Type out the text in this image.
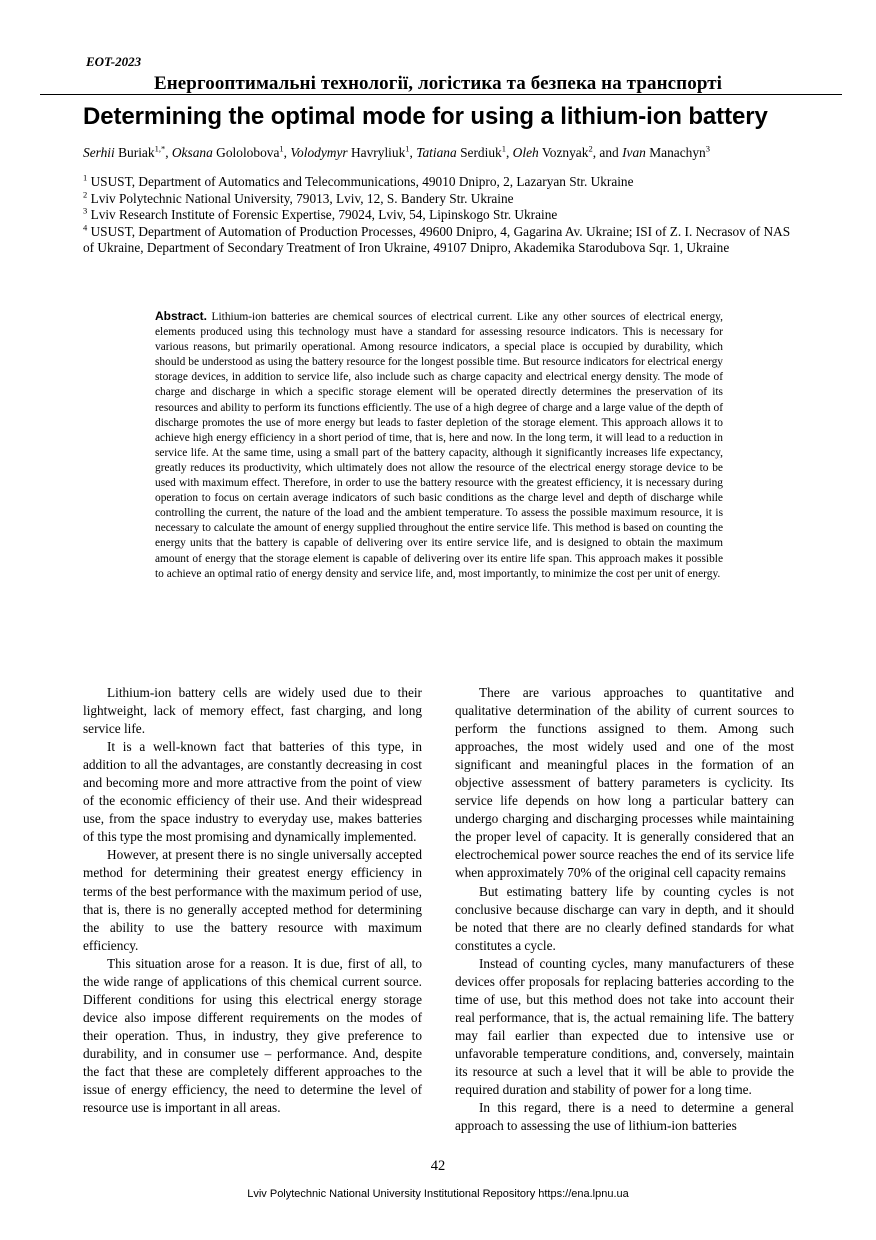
EOT-2023
Енергооптимальні технології, логістика та безпека на транспорті
Determining the optimal mode for using a lithium-ion battery
Serhii Buriak$^{1,*}$, Oksana Gololobova$^1$, Volodymyr Havryliuk$^1$, Tatiana Serdiuk$^1$, Oleh Voznyak$^2$, and Ivan Manachyn$^3$
$^1$ USUST, Department of Automatics and Telecommunications, 49010 Dnipro, 2, Lazaryan Str. Ukraine
$^2$ Lviv Polytechnic National University, 79013, Lviv, 12, S. Bandery Str. Ukraine
$^3$ Lviv Research Institute of Forensic Expertise, 79024, Lviv, 54, Lipinskogo Str. Ukraine
$^4$ USUST, Department of Automation of Production Processes, 49600 Dnipro, 4, Gagarina Av. Ukraine; ISI of Z. I. Necrasov of NAS of Ukraine, Department of Secondary Treatment of Iron Ukraine, 49107 Dnipro, Akademika Starodubova Sqr. 1, Ukraine
Abstract. Lithium-ion batteries are chemical sources of electrical current. Like any other sources of electrical energy, elements produced using this technology must have a standard for assessing resource indicators. This is necessary for various reasons, but primarily operational. Among resource indicators, a special place is occupied by durability, which should be understood as using the battery resource for the longest possible time. But resource indicators for electrical energy storage devices, in addition to service life, also include such as charge capacity and electrical energy density. The mode of charge and discharge in which a specific storage element will be operated directly determines the preservation of its resources and ability to perform its functions efficiently. The use of a high degree of charge and a large value of the depth of discharge promotes the use of more energy but leads to faster depletion of the storage element. This approach allows it to achieve high energy efficiency in a short period of time, that is, here and now. In the long term, it will lead to a reduction in service life. At the same time, using a small part of the battery capacity, although it significantly increases life expectancy, greatly reduces its productivity, which ultimately does not allow the resource of the electrical energy storage device to be used with maximum effect. Therefore, in order to use the battery resource with the greatest efficiency, it is necessary during operation to focus on certain average indicators of such basic conditions as the charge level and depth of discharge while controlling the current, the nature of the load and the ambient temperature. To assess the possible maximum resource, it is necessary to calculate the amount of energy supplied throughout the entire service life. This method is based on counting the energy units that the battery is capable of delivering over its entire service life, and is designed to obtain the maximum amount of energy that the storage element is capable of delivering over its entire life span. This approach makes it possible to achieve an optimal ratio of energy density and service life, and, most importantly, to minimize the cost per unit of energy.

Lithium-ion battery cells are widely used due to their lightweight, lack of memory effect, fast charging, and long service life.

It is a well-known fact that batteries of this type, in addition to all the advantages, are constantly decreasing in cost and becoming more and more attractive from the point of view of the economic efficiency of their use. And their widespread use, from the space industry to everyday use, makes batteries of this type the most promising and dynamically implemented.

However, at present there is no single universally accepted method for determining their greatest energy efficiency in terms of the best performance with the maximum period of use, that is, there is no generally accepted method for determining the ability to use the battery resource with maximum efficiency.

This situation arose for a reason. It is due, first of all, to the wide range of applications of this chemical current source. Different conditions for using this electrical energy storage device also impose different requirements on the modes of their operation. Thus, in industry, they give preference to durability, and in consumer use – performance. And, despite the fact that these are completely different approaches to the issue of energy efficiency, the need to determine the level of resource use is important in all areas.

There are various approaches to quantitative and qualitative determination of the ability of current sources to perform the functions assigned to them. Among such approaches, the most widely used and one of the most significant and meaningful places in the formation of an objective assessment of battery parameters is cyclicity. Its service life depends on how long a particular battery can undergo charging and discharging processes while maintaining the proper level of capacity. It is generally considered that an electrochemical power source reaches the end of its service life when approximately 70% of the original cell capacity remains

But estimating battery life by counting cycles is not conclusive because discharge can vary in depth, and it should be noted that there are no clearly defined standards for what constitutes a cycle.

Instead of counting cycles, many manufacturers of these devices offer proposals for replacing batteries according to the time of use, but this method does not take into account their real performance, that is, the actual remaining life. The battery may fail earlier than expected due to intensive use or unfavorable temperature conditions, and, conversely, maintain its resource at such a level that it will be able to provide the required duration and stability of power for a long time.

In this regard, there is a need to determine a general approach to assessing the use of lithium-ion batteries

42
Lviv Polytechnic National University Institutional Repository https://ena.lpnu.ua
